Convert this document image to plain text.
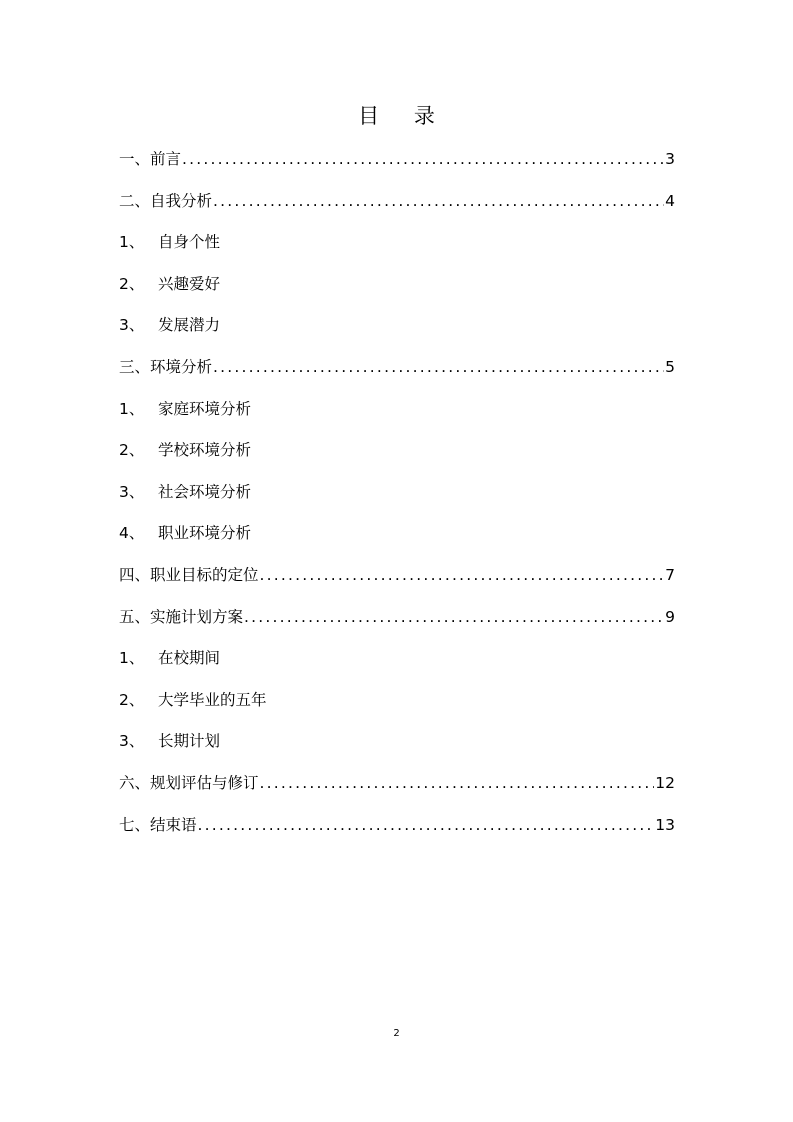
目 录
一、前言 .....	3
二、自我分析 .....	4
1、 自身个性
2、 兴趣爱好
3、 发展潜力
三、环境分析 .....	5
1、 家庭环境分析
2、 学校环境分析
3、 社会环境分析
4、 职业环境分析
四、职业目标的定位 .....	7
五、实施计划方案 .....	9
1、 在校期间
2、 大学毕业的五年
3、 长期计划
六、规划评估与修订 .....	12
七、结束语 .....	13
2
